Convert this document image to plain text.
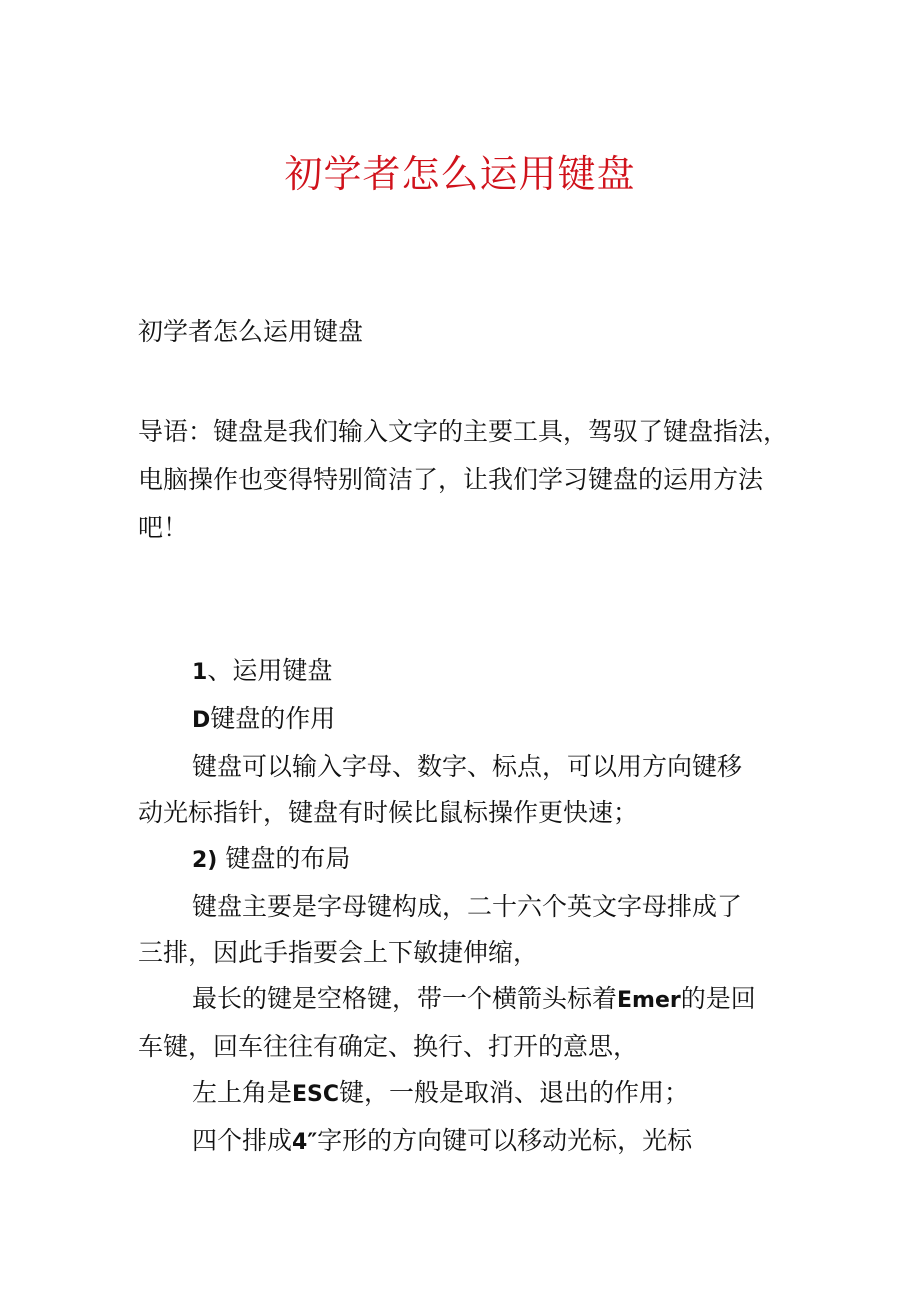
初学者怎么运用键盘
初学者怎么运用键盘

导语：键盘是我们输入文字的主要工具，驾驭了键盘指法，

电脑操作也变得特别简洁了，让我们学习键盘的运用方法

吧！

1、运用键盘

D键盘的作用

键盘可以输入字母、数字、标点，可以用方向键移

动光标指针，键盘有时候比鼠标操作更快速；

2) 键盘的布局

键盘主要是字母键构成，二十六个英文字母排成了

三排，因此手指要会上下敏捷伸缩，

最长的键是空格键，带一个横箭头标着Emer的是回

车键，回车往往有确定、换行、打开的意思，

左上角是ESC键，一般是取消、退出的作用；

四个排成4″字形的方向键可以移动光标，光标
